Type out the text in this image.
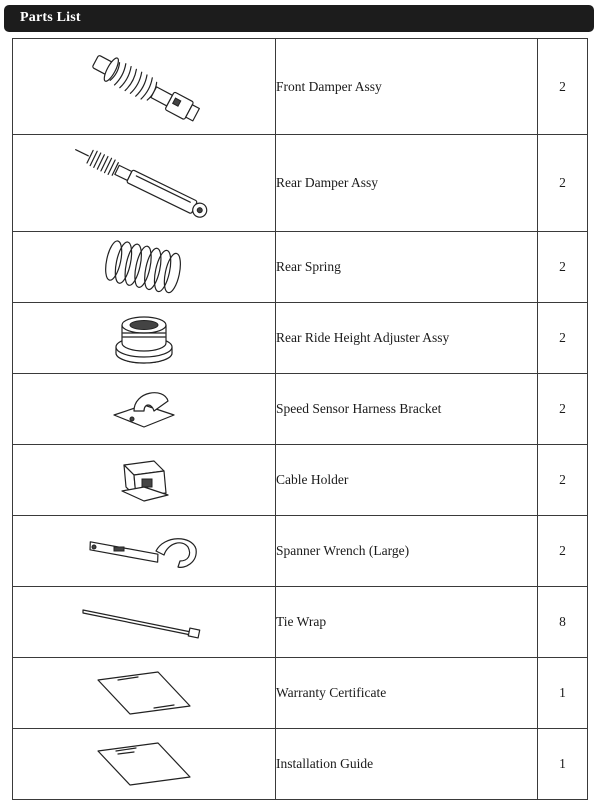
Parts List
	Front Damper Assy	2

	Rear Damper Assy	2

	Rear Spring	2

	Rear Ride Height Adjuster Assy	2

	Speed Sensor Harness Bracket	2

	Cable Holder	2

	Spanner Wrench (Large)	2

	Tie Wrap	8

	Warranty Certificate	1

	Installation Guide	1
